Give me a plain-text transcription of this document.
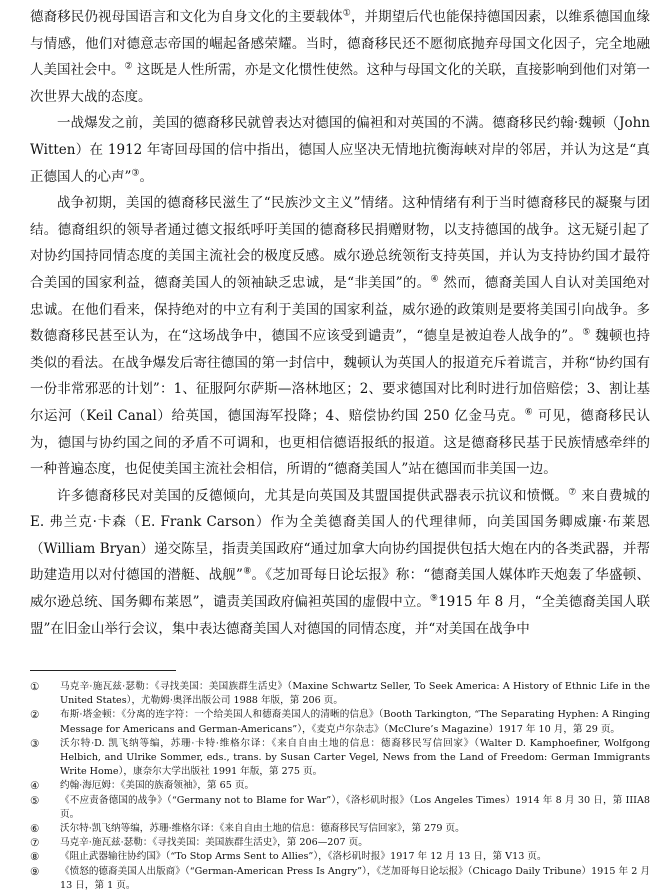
德裔移民仍视母国语言和文化为自身文化的主要载体①，并期望后代也能保持德国因素，以维系德国血缘与情感，他们对德意志帝国的崛起备感荣耀。当时，德裔移民还不愿彻底抛弃母国文化因子，完全地融人美国社会中。② 这既是人性所需，亦是文化惯性使然。这种与母国文化的关联，直接影响到他们对第一次世界大战的态度。

一战爆发之前，美国的德裔移民就曾表达对德国的偏袒和对英国的不满。德裔移民约翰·魏顿（John Witten）在 1912 年寄回母国的信中指出，德国人应坚决无情地抗衡海峡对岸的邻居，并认为这是“真正德国人的心声”③。

战争初期，美国的德裔移民滋生了“民族沙文主义”情绪。这种情绪有利于当时德裔移民的凝聚与团结。德裔组织的领导者通过德文报纸呼吁美国的德裔移民捐赠财物，以支持德国的战争。这无疑引起了对协约国持同情态度的美国主流社会的极度反感。威尔逊总统领衔支持英国，并认为支持协约国才最符合美国的国家利益，德裔美国人的领袖缺乏忠诚，是“非美国”的。④ 然而，德裔美国人自认对美国绝对忠诚。在他们看来，保持绝对的中立有利于美国的国家利益，威尔逊的政策则是要将美国引向战争。多数德裔移民甚至认为，在“这场战争中，德国不应该受到谴责”，“德皇是被迫卷人战争的”。⑤ 魏顿也持类似的看法。在战争爆发后寄往德国的第一封信中，魏顿认为英国人的报道充斥着谎言，并称“协约国有一份非常邪恶的计划”：1、征服阿尔萨斯—洛林地区；2、要求德国对比利时进行加倍赔偿；3、割让基尔运河（Keil Canal）给英国，德国海军投降；4、赔偿协约国 250 亿金马克。⑥ 可见，德裔移民认为，德国与协约国之间的矛盾不可调和，也更相信德语报纸的报道。这是德裔移民基于民族情感牵绊的一种普遍态度，也促使美国主流社会相信，所谓的“德裔美国人”站在德国而非美国一边。

许多德裔移民对美国的反德倾向，尤其是向英国及其盟国提供武器表示抗议和愤慨。⑦ 来自费城的 E. 弗兰克·卡森（E. Frank Carson）作为全美德裔美国人的代理律师，向美国国务卿威廉·布莱恩（William Bryan）递交陈呈，指责美国政府“通过加拿大向协约国提供包括大炮在内的各类武器，并帮助建造用以对付德国的潜艇、战舰”⑧。《芝加哥每日论坛报》称：“德裔美国人媒体昨天炮轰了华盛顿、威尔逊总统、国务卿布莱恩”，谴责美国政府偏袒英国的虚假中立。⑨1915 年 8 月，“全美德裔美国人联盟”在旧金山举行会议，集中表达德裔美国人对德国的同情态度，并“对美国在战争中

①	马克辛·施瓦兹·瑟勒：《寻找美国：美国族群生活史》（Maxine Schwartz Seller, To Seek America: A History of Ethnic Life in the United States），尤勒姆·奥泽出版公司 1988 年版，第 206 页。
②	布斯·塔金顿：《分离的连字符：一个给美国人和德裔美国人的清晰的信息》（Booth Tarkington, “The Separating Hyphen: A Ringing Message for Americans and German-Americans”），《麦克卢尔杂志》（McClure’s Magazine）1917 年 10 月，第 29 页。
③	沃尔特·D. 凯飞纳等编，苏珊·卡特·维格尔译：《来自自由土地的信息：德裔移民写信回家》（Walter D. Kamphoefiner, Wolfgong Helbich, and Ulrike Sommer, eds., trans. by Susan Carter Vegel, News from the Land of Freedom: German Immigrants Write Home），康奈尔大学出版社 1991 年版，第 275 页。
④	约翰·海厄姆：《美国的族裔领袖》，第 65 页。
⑤	《不应责备德国的战争》（“Germany not to Blame for War”），《洛杉矶时报》（Los Angeles Times）1914 年 8 月 30 日，第 IIIA8 页。
⑥	沃尔特·凯飞纳等编，苏珊·维格尔译：《来自自由土地的信息：德裔移民写信回家》，第 279 页。
⑦	马克辛·施瓦兹·瑟勒：《寻找美国：美国族群生活史》，第 206—207 页。
⑧	《阻止武器输往协约国》（“To Stop Arms Sent to Allies”），《洛杉矶时报》1917 年 12 月 13 日，第 V13 页。
⑨	《愤怒的德裔美国人出版商》（“German-American Press Is Angry”），《芝加哥每日论坛报》（Chicago Daily Tribune）1915 年 2 月 13 日，第 1 页。
